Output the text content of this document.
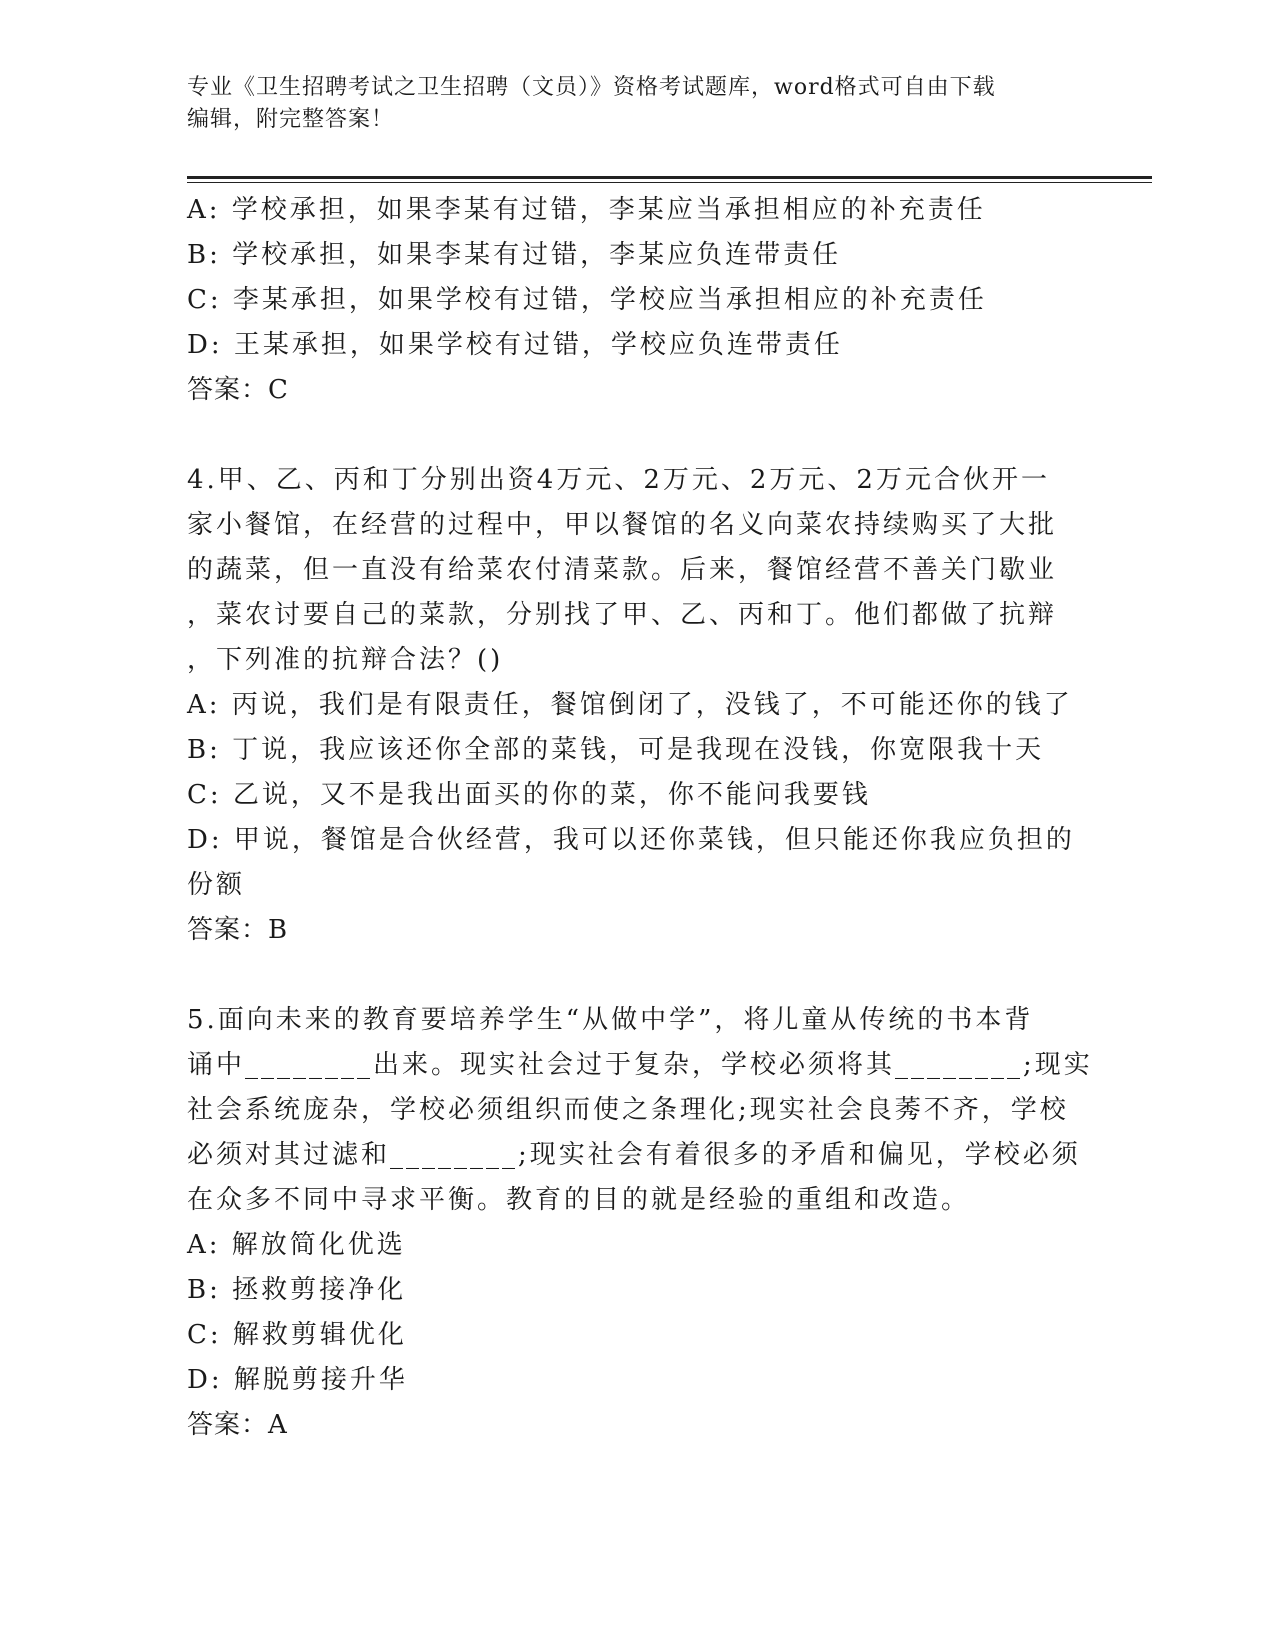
专业《卫生招聘考试之卫生招聘（文员）》资格考试题库，word格式可自由下载
编辑，附完整答案！
A: 学校承担，如果李某有过错，李某应当承担相应的补充责任
B: 学校承担，如果李某有过错，李某应负连带责任
C: 李某承担，如果学校有过错，学校应当承担相应的补充责任
D: 王某承担，如果学校有过错，学校应负连带责任
答案：C
4.甲、乙、丙和丁分别出资4万元、2万元、2万元、2万元合伙开一
家小餐馆，在经营的过程中，甲以餐馆的名义向菜农持续购买了大批
的蔬菜，但一直没有给菜农付清菜款。后来，餐馆经营不善关门歇业
，菜农讨要自己的菜款，分别找了甲、乙、丙和丁。他们都做了抗辩
，下列准的抗辩合法？()
A: 丙说，我们是有限责任，餐馆倒闭了，没钱了，不可能还你的钱了
B: 丁说，我应该还你全部的菜钱，可是我现在没钱，你宽限我十天
C: 乙说，又不是我出面买的你的菜，你不能问我要钱
D: 甲说，餐馆是合伙经营，我可以还你菜钱，但只能还你我应负担的
份额
答案：B
5.面向未来的教育要培养学生“从做中学”，将儿童从传统的书本背
诵中________出来。现实社会过于复杂，学校必须将其________;现实
社会系统庞杂，学校必须组织而使之条理化;现实社会良莠不齐，学校
必须对其过滤和________;现实社会有着很多的矛盾和偏见，学校必须
在众多不同中寻求平衡。教育的目的就是经验的重组和改造。
A: 解放简化优选
B: 拯救剪接净化
C: 解救剪辑优化
D: 解脱剪接升华
答案：A
